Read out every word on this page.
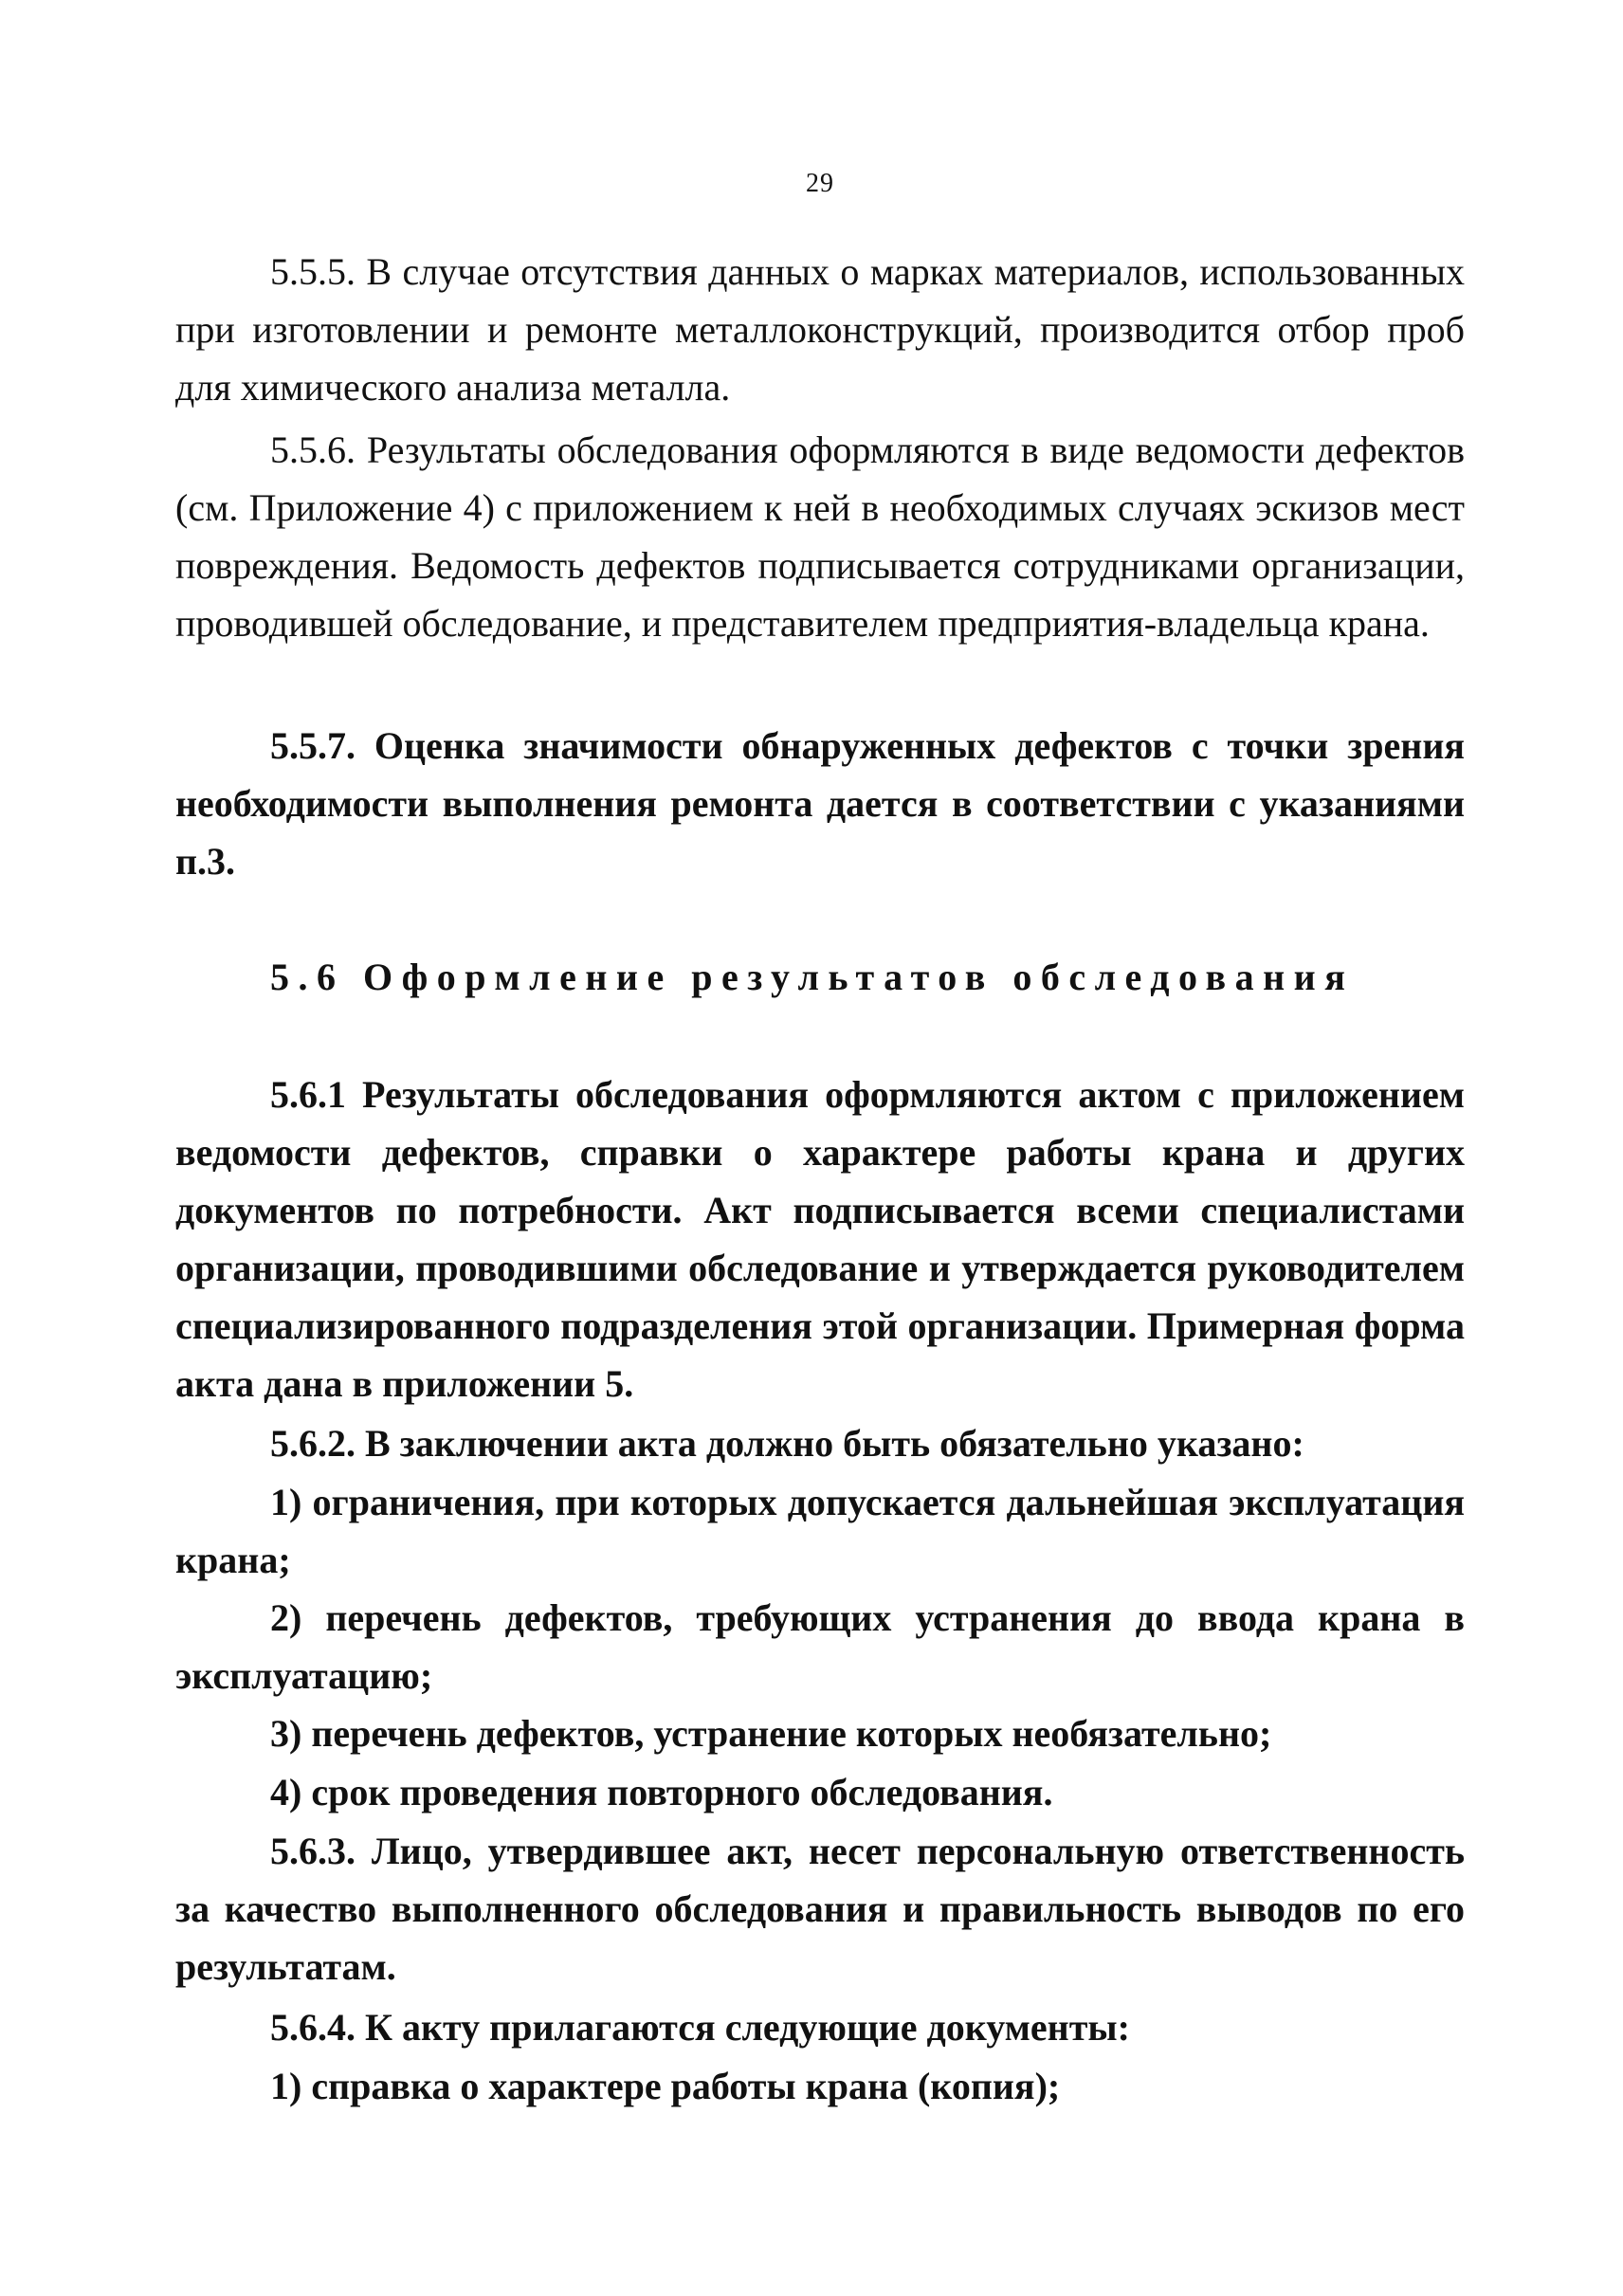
29

5.5.5. В случае отсутствия данных о марках материалов, использованных при изготовлении и ремонте металлоконструкций, производится отбор проб для химического анализа металла.

5.5.6. Результаты обследования оформляются в виде ведомости дефектов (см. Приложение 4) с приложением к ней в необходимых случаях эскизов мест повреждения. Ведомость дефектов подписывается сотрудниками организации, проводившей обследование, и представителем предприятия-владельца крана.

5.5.7. Оценка значимости обнаруженных дефектов с точки зрения необходимости выполнения ремонта дается в соответствии с указаниями п.3.

5.6 Оформление результатов обследования

5.6.1 Результаты обследования оформляются актом с приложением ведомости дефектов, справки о характере работы крана и других документов по потребности. Акт подписывается всеми специалистами организации, проводившими обследование и утверждается руководителем специализированного подразделения этой организации. Примерная форма акта дана в приложении 5.

5.6.2. В заключении акта должно быть обязательно указано:

1) ограничения, при которых допускается дальнейшая эксплуатация крана;

2) перечень дефектов, требующих устранения до ввода крана в эксплуатацию;

3) перечень дефектов, устранение которых необязательно;

4) срок проведения повторного обследования.

5.6.3. Лицо, утвердившее акт, несет персональную ответственность за качество выполненного обследования и правильность выводов по его результатам.

5.6.4. К акту прилагаются следующие документы:

1) справка о характере работы крана (копия);
